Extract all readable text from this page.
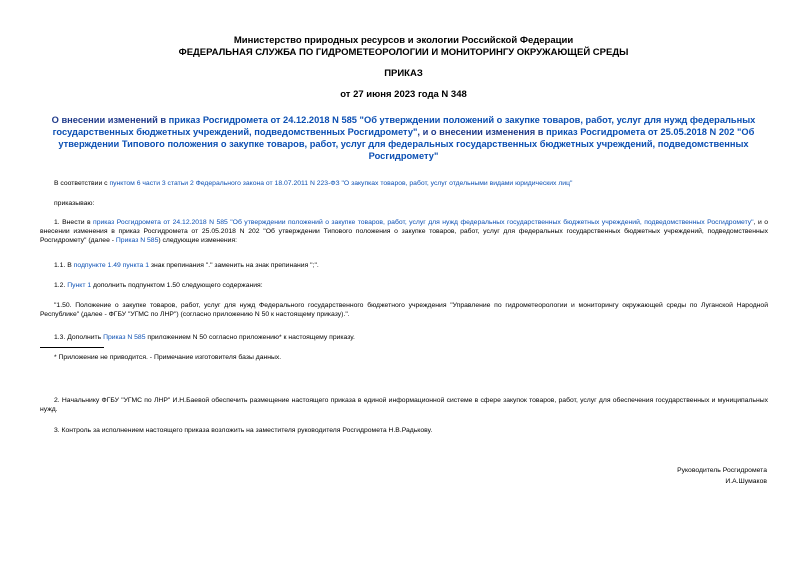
Министерство природных ресурсов и экологии Российской Федерации
ФЕДЕРАЛЬНАЯ СЛУЖБА ПО ГИДРОМЕТЕОРОЛОГИИ И МОНИТОРИНГУ ОКРУЖАЮЩЕЙ СРЕДЫ
ПРИКАЗ
от 27 июня 2023 года N 348
О внесении изменений в приказ Росгидромета от 24.12.2018 N 585 "Об утверждении положений о закупке товаров, работ, услуг для нужд федеральных государственных бюджетных учреждений, подведомственных Росгидромету", и о внесении изменения в приказ Росгидромета от 25.05.2018 N 202 "Об утверждении Типового положения о закупке товаров, работ, услуг для федеральных государственных бюджетных учреждений, подведомственных Росгидромету"
В соответствии с пунктом 6 части 3 статьи 2 Федерального закона от 18.07.2011 N 223-ФЗ "О закупках товаров, работ, услуг отдельными видами юридических лиц"
приказываю:
1. Внести в приказ Росгидромета от 24.12.2018 N 585 "Об утверждении положений о закупке товаров, работ, услуг для нужд федеральных государственных бюджетных учреждений, подведомственных Росгидромету", и о внесении изменения в приказ Росгидромета от 25.05.2018 N 202 "Об утверждении Типового положения о закупке товаров, работ, услуг для федеральных государственных бюджетных учреждений, подведомственных Росгидромету" (далее - Приказ N 585) следующие изменения:
1.1. В подпункте 1.49 пункта 1 знак препинания "." заменить на знак препинания ";".
1.2. Пункт 1 дополнить подпунктом 1.50 следующего содержания:
"1.50. Положение о закупке товаров, работ, услуг для нужд Федерального государственного бюджетного учреждения "Управление по гидрометеорологии и мониторингу окружающей среды по Луганской Народной Республике" (далее - ФГБУ "УГМС по ЛНР") (согласно приложению N 50 к настоящему приказу).".
1.3. Дополнить Приказ N 585 приложением N 50 согласно приложению* к настоящему приказу.
* Приложение не приводится. - Примечание изготовителя базы данных.
2. Начальнику ФГБУ "УГМС по ЛНР" И.Н.Баевой обеспечить размещение настоящего приказа в единой информационной системе в сфере закупок товаров, работ, услуг для обеспечения государственных и муниципальных нужд.
3. Контроль за исполнением настоящего приказа возложить на заместителя руководителя Росгидромета Н.В.Радькову.
Руководитель Росгидромета
И.А.Шумаков
